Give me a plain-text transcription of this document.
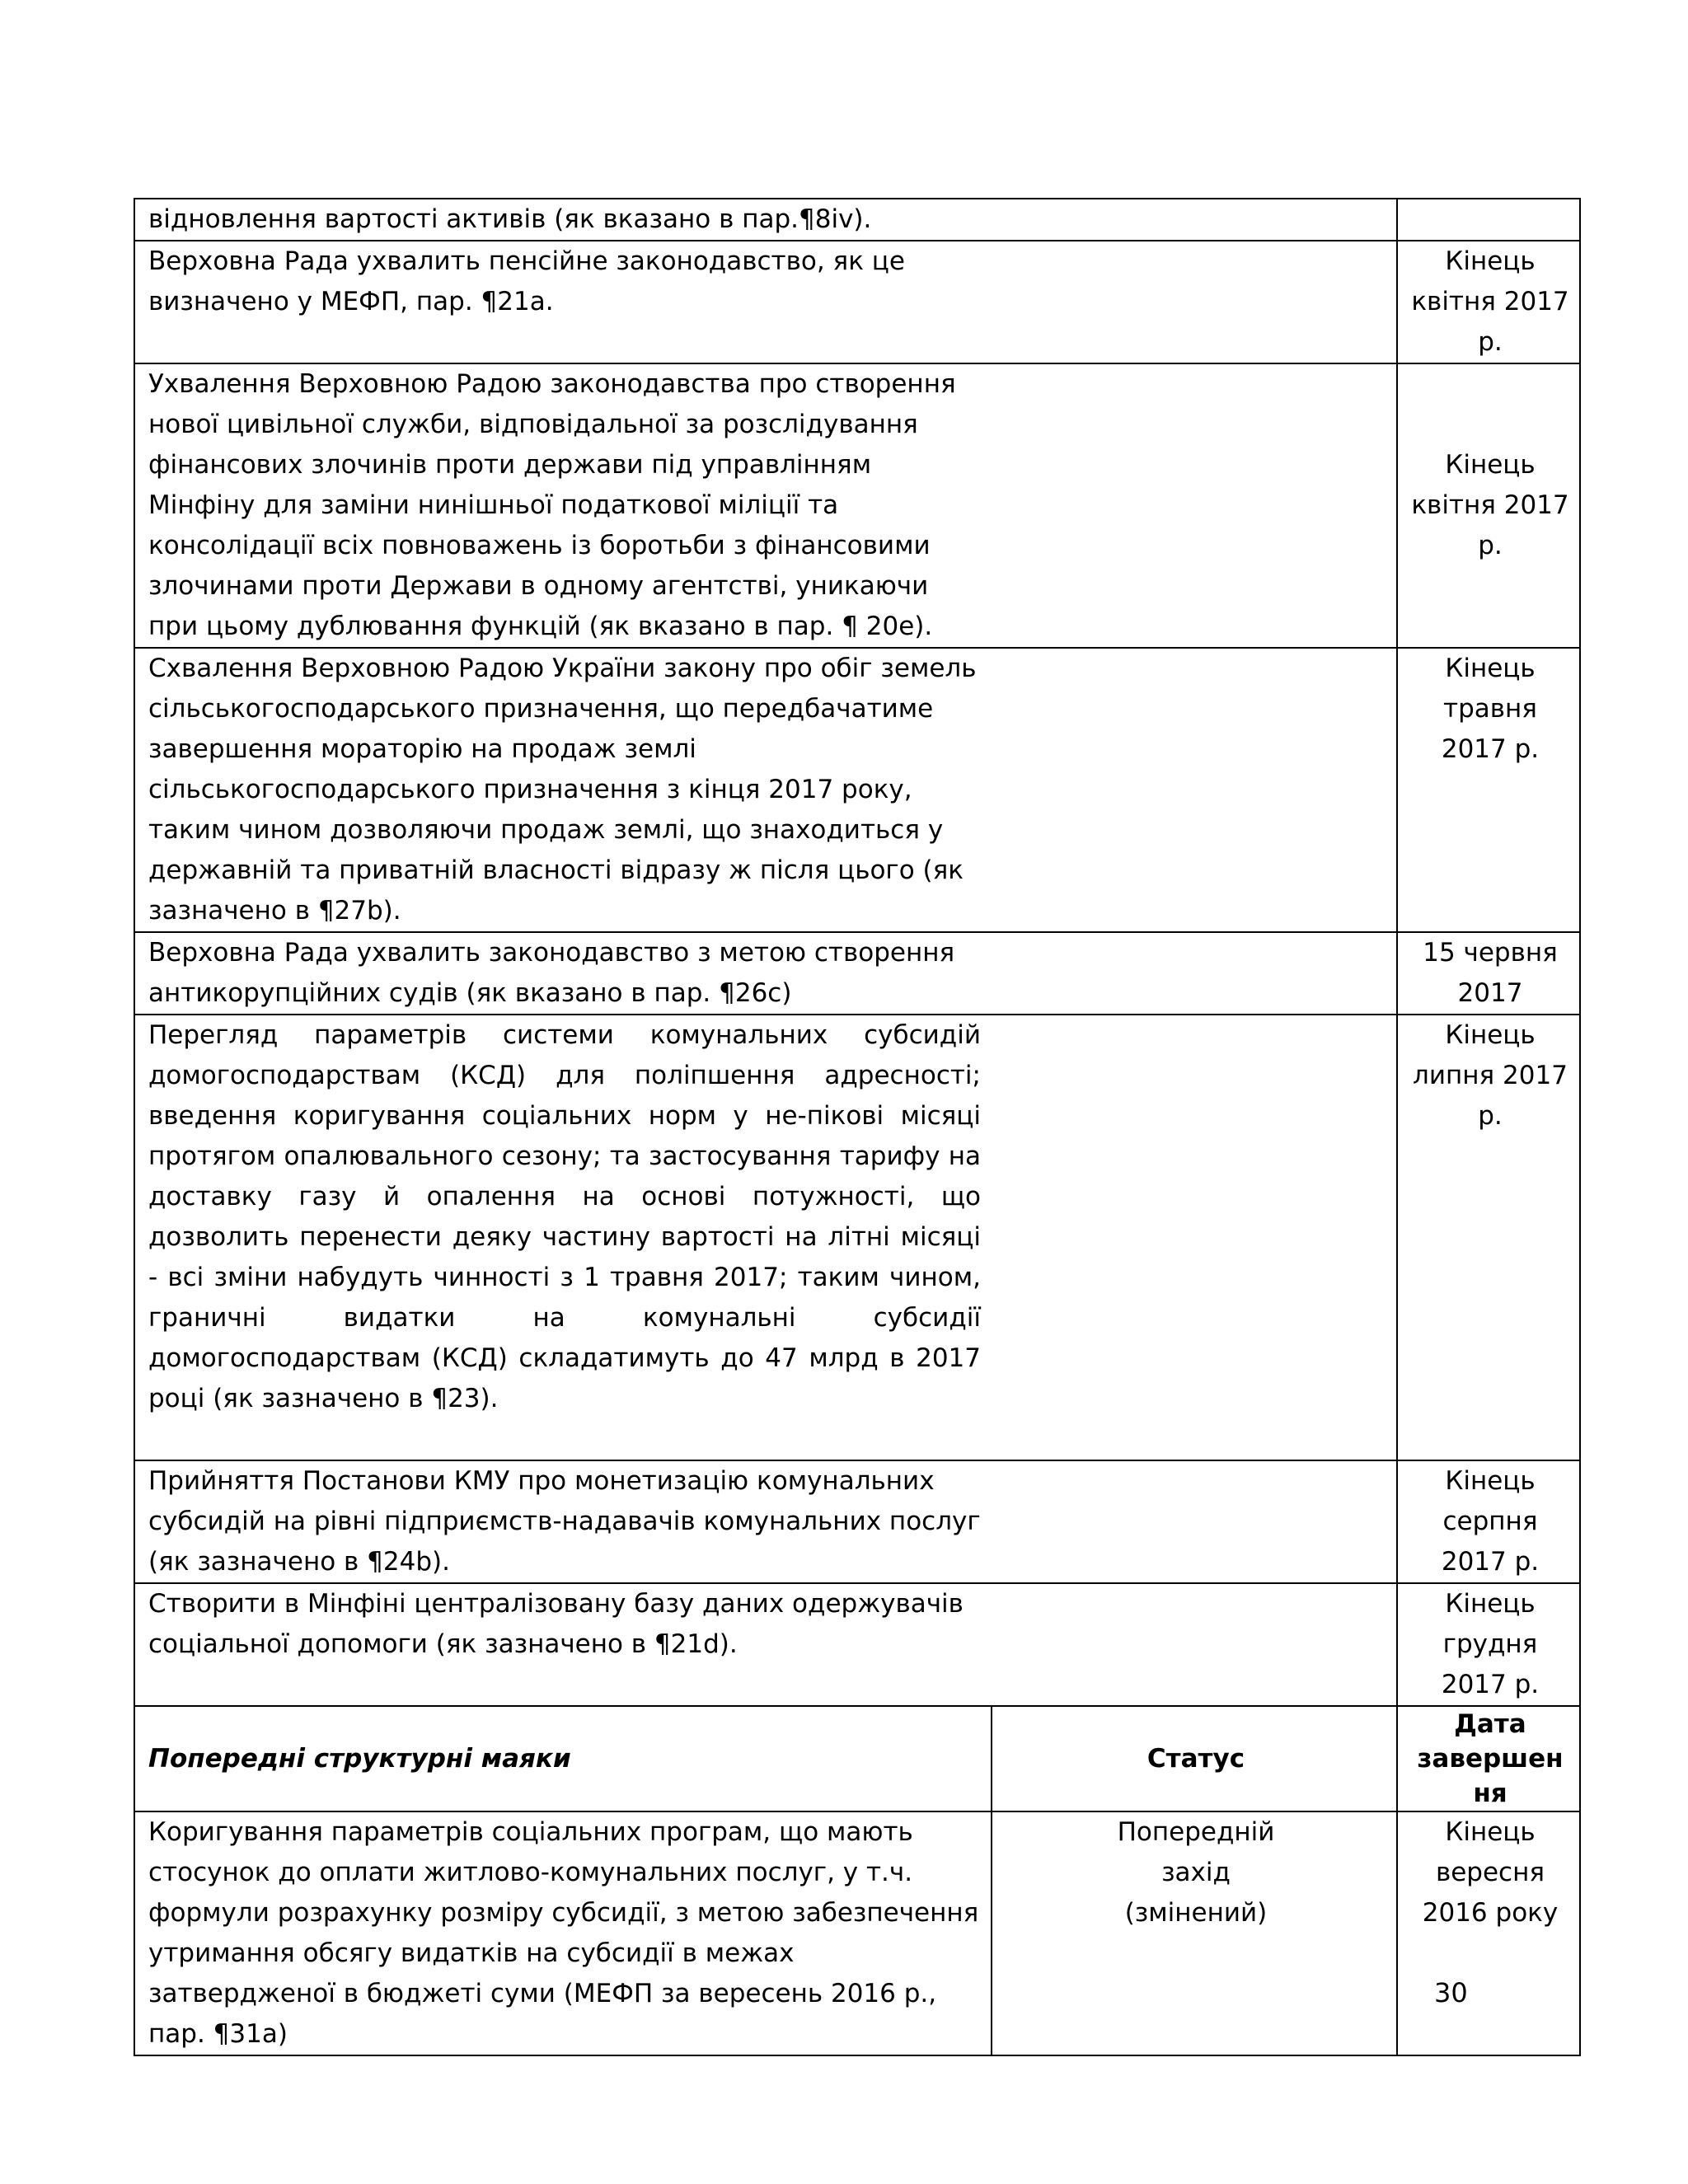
відновлення вартості активів (як вказано в пар.¶8iv).		

Верховна Рада ухвалить пенсійне законодавство, як це визначено у МЕФП, пар. ¶21a.		Кінець квітня 2017 р.

Ухвалення Верховною Радою законодавства про створення нової цивільної служби, відповідальної за розслідування фінансових злочинів проти держави під управлінням Мінфіну для заміни нинішньої податкової міліції та консолідації всіх повноважень із боротьби з фінансовими злочинами проти Держави в одному агентстві, уникаючи при цьому дублювання функцій (як вказано в пар. ¶ 20e).		Кінець квітня 2017 р.

Схвалення Верховною Радою України закону про обіг земель сільськогосподарського призначення, що передбачатиме завершення мораторію на продаж землі сільськогосподарського призначення з кінця 2017 року, таким чином дозволяючи продаж землі, що знаходиться у державній та приватній власності відразу ж після цього (як зазначено в ¶27b).		Кінець травня 2017 р.

Верховна Рада ухвалить законодавство з метою створення антикорупційних судів (як вказано в пар. ¶26c)		15 червня 2017

Перегляд параметрів системи комунальних субсидій домогосподарствам (КСД) для поліпшення адресності; введення коригування соціальних норм у не-пікові місяці протягом опалювального сезону; та застосування тарифу на доставку газу й опалення на основі потужності, що дозволить перенести деяку частину вартості на літні місяці - всі зміни набудуть чинності з 1 травня 2017; таким чином, граничні видатки на комунальні субсидії домогосподарствам (КСД) складатимуть до 47 млрд в 2017 році (як зазначено в ¶23).		Кінець липня 2017 р.

Прийняття Постанови КМУ про монетизацію комунальних субсидій на рівні підприємств-надавачів комунальних послуг (як зазначено в ¶24b).		Кінець серпня 2017 р.

Створити в Мінфіні централізовану базу даних одержувачів соціальної допомоги (як зазначено в ¶21d).		Кінець грудня 2017 р.
Попередні структурні маяки	Статус	Дата завершення

Коригування параметрів соціальних програм, що мають стосунок до оплати житлово-комунальних послуг, у т.ч. формули розрахунку розміру субсидії, з метою забезпечення утримання обсягу видатків на субсидії в межах затвердженої в бюджеті суми (МЕФП за вересень 2016 р., пар. ¶31a)	Попередній захід (змінений)	Кінець вересня 2016 року
30
